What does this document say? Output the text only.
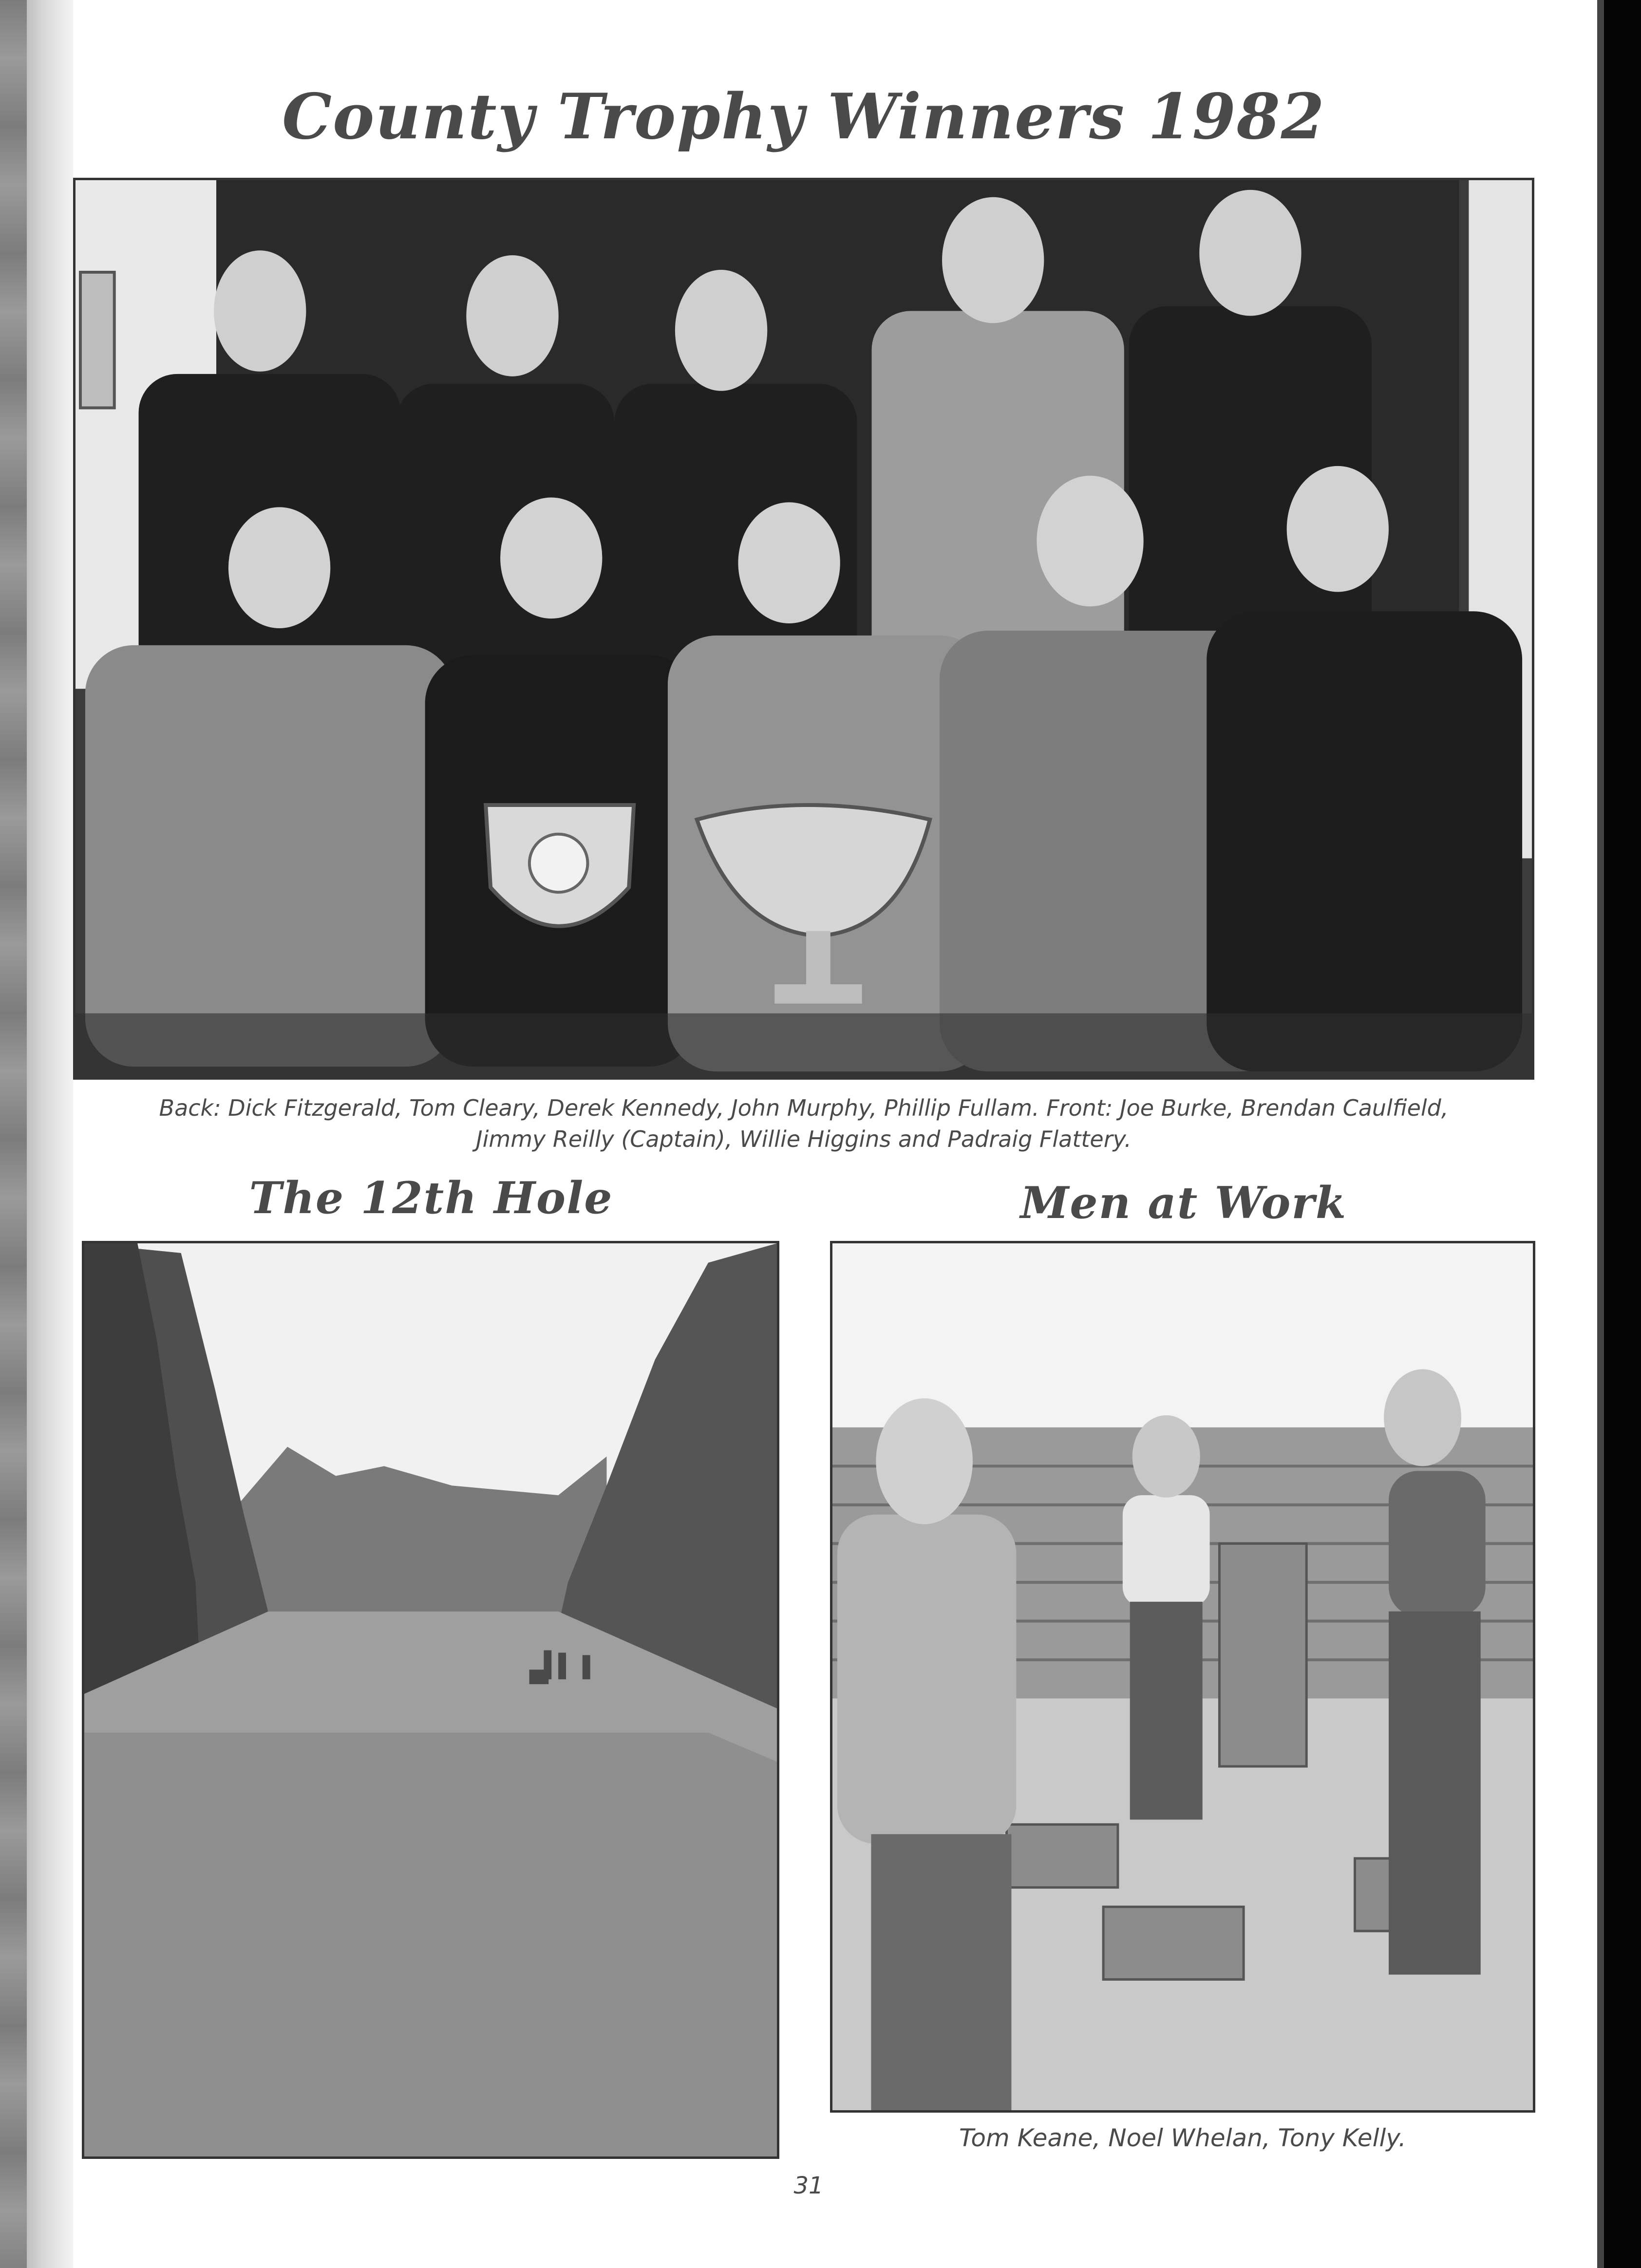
County Trophy Winners 1982

Back: Dick Fitzgerald, Tom Cleary, Derek Kennedy, John Murphy, Phillip Fullam. Front: Joe Burke, Brendan Caulfield,
Jimmy Reilly (Captain), Willie Higgins and Padraig Flattery.

The 12th Hole	Men at Work

Tom Keane, Noel Whelan, Tony Kelly.

31
